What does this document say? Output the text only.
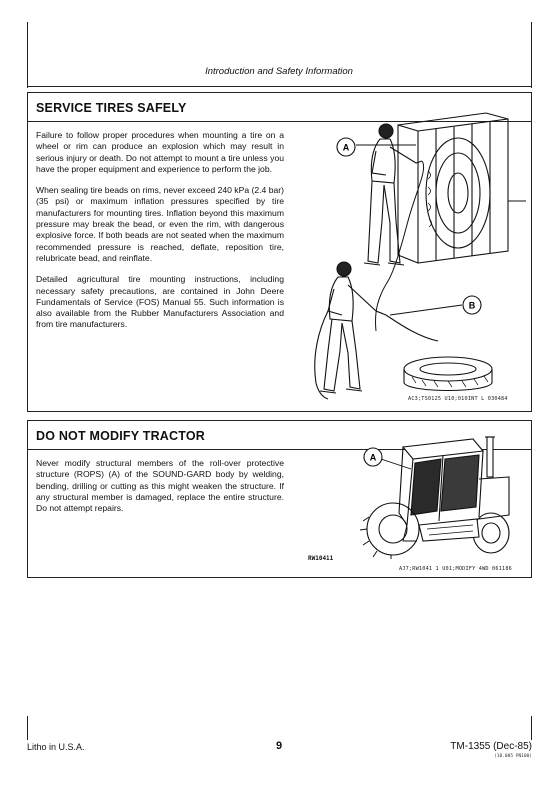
Introduction and Safety Information
SERVICE TIRES SAFELY

Failure to follow proper procedures when mounting a tire on a wheel or rim can produce an explosion which may result in serious injury or death. Do not attempt to mount a tire unless you have the proper equipment and experience to perform the job.

When sealing tire beads on rims, never exceed 240 kPa (2.4 bar) (35 psi) or maximum inflation pressures specified by tire manufacturers for mounting tires. Inflation beyond this maximum pressure may break the bead, or even the rim, with dangerous explosive force. If both beads are not seated when the maximum recommended pressure is reached, deflate, reposition tire, relubricate bead, and reinflate.

Detailed agricultural tire mounting instructions, including necessary safety precautions, are contained in John Deere Fundamentals of Service (FOS) Manual 55. Such information is also available from the Rubber Manufacturers Association and from tire manufacturers.

A
B
AC3;TS0125 U10;010INT L 030484
DO NOT MODIFY TRACTOR

Never modify structural members of the roll-over protective structure (ROPS) (A) of the SOUND-GARD body by welding, bending, drilling or cutting as this might weaken the structure. If any structural member is damaged, replace the entire structure. Do not attempt repairs.

A
RW10411
AJ7;RW1041 1 U01;MODIFY 4WD 061186
Litho in U.S.A.	9	TM-1355 (Dec-85)
(10.005 PN100)
